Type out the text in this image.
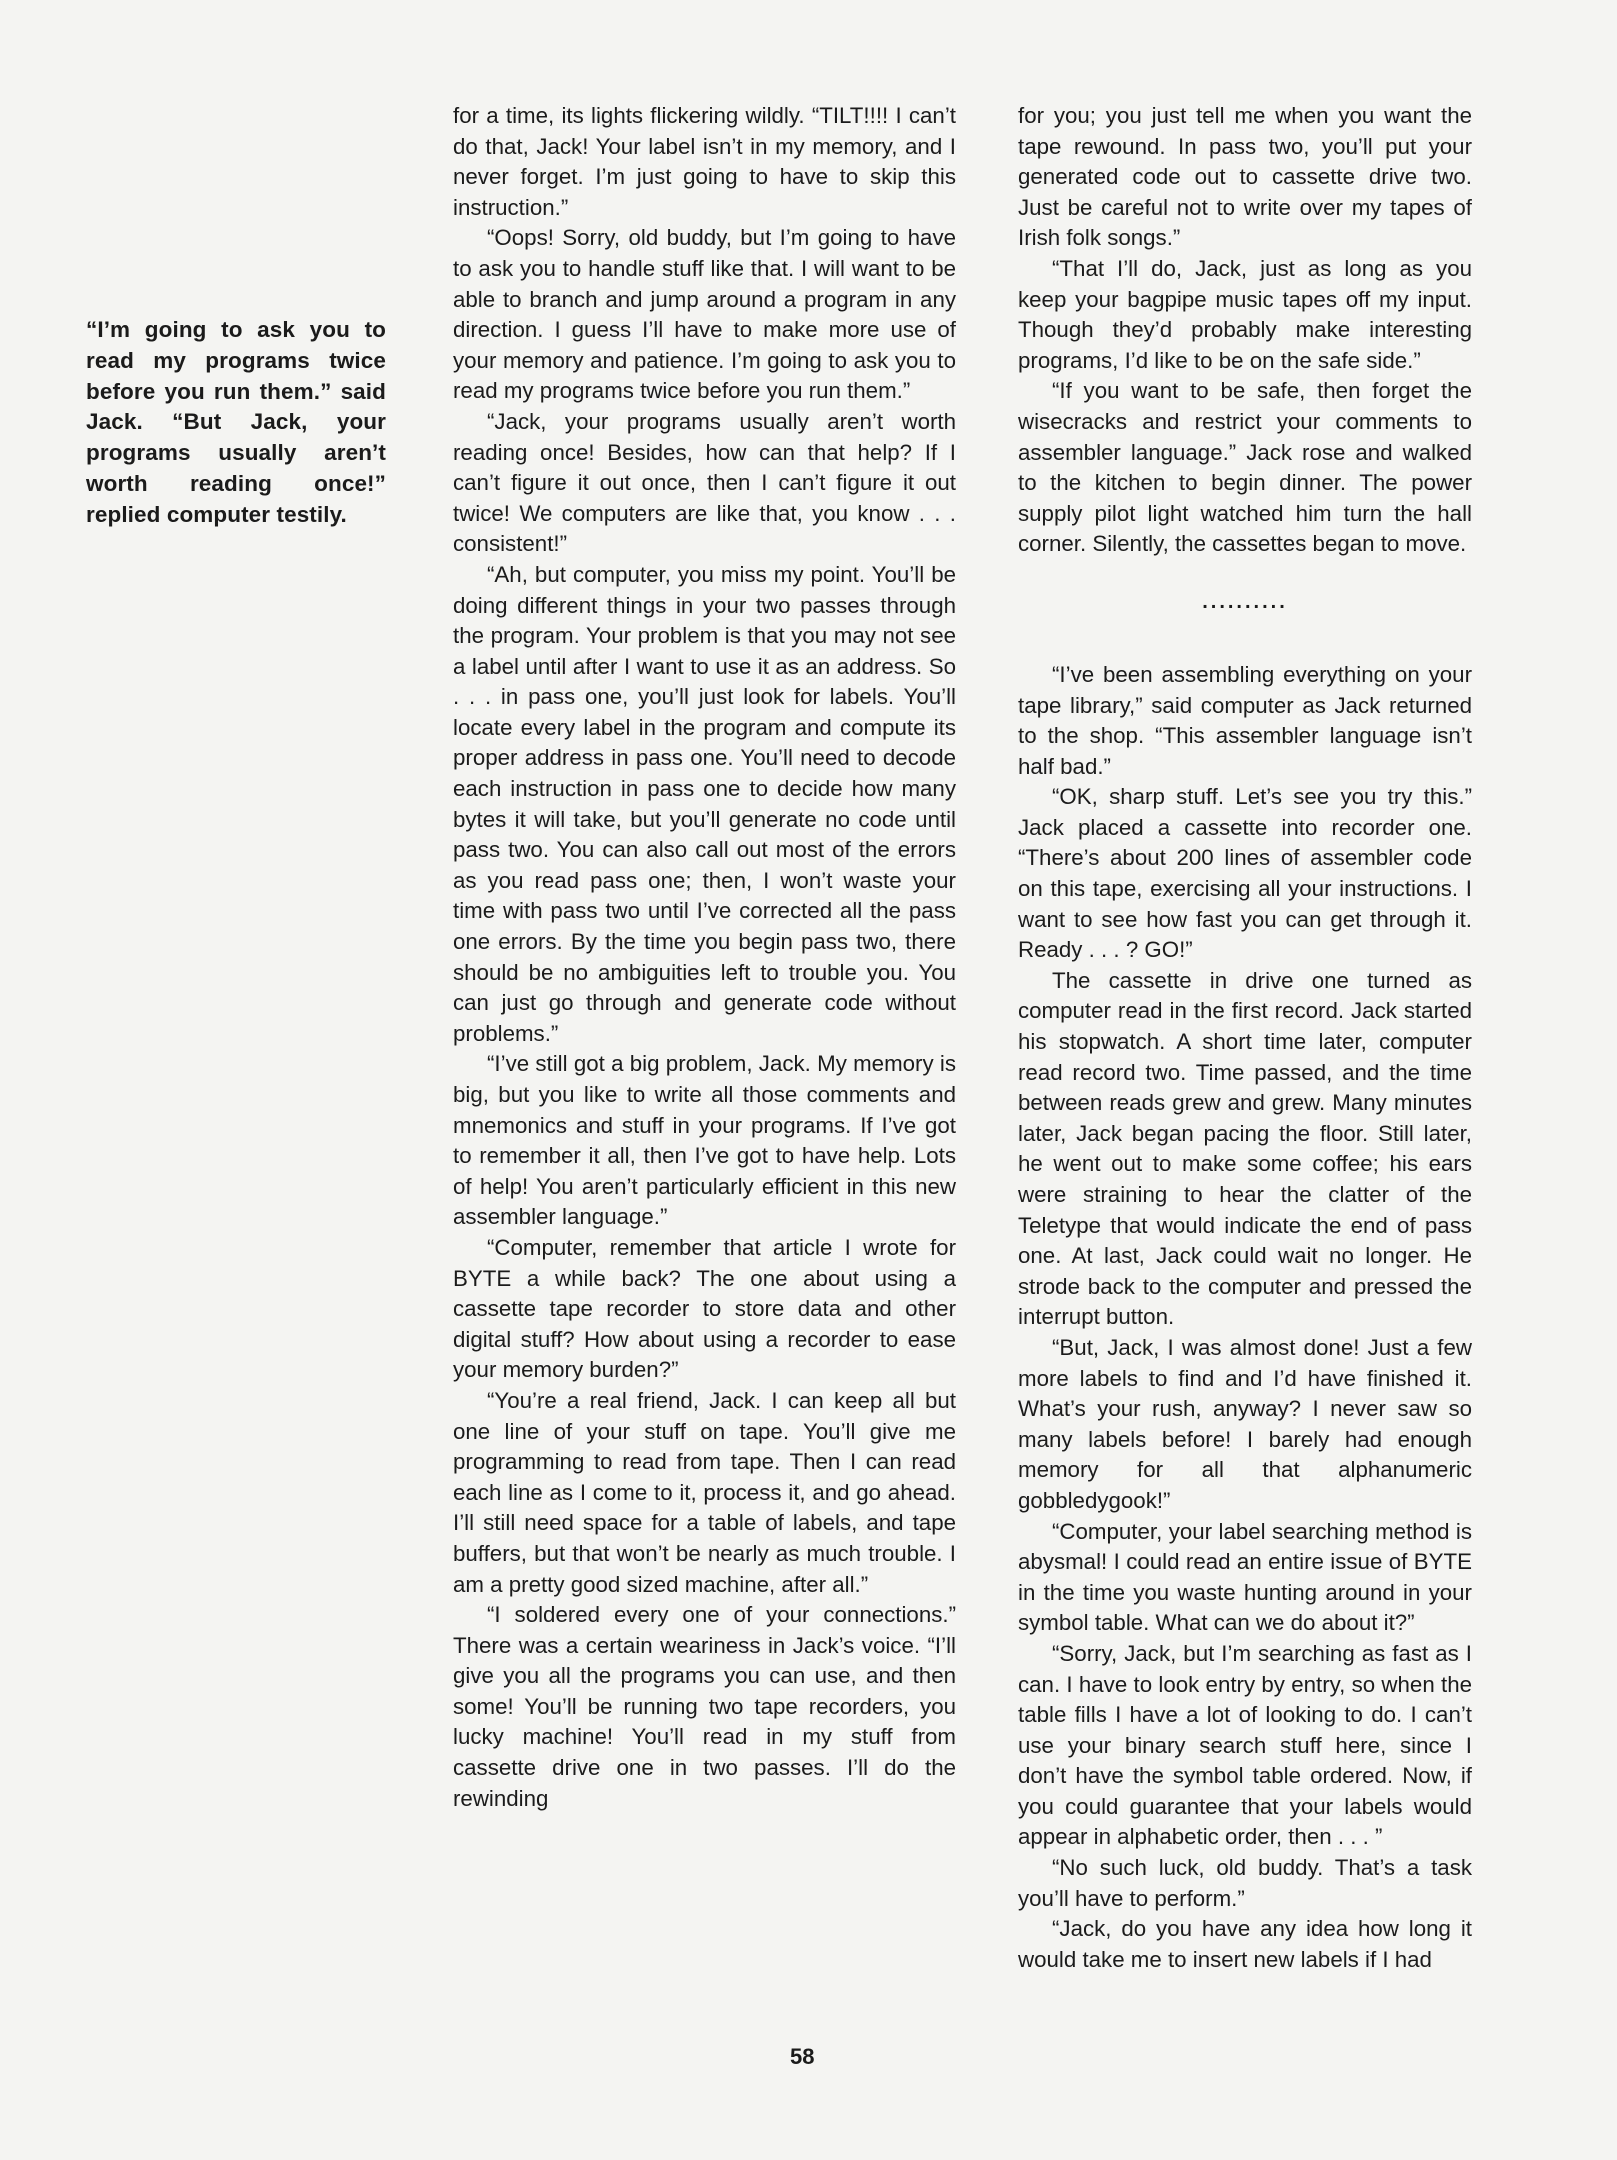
“I’m going to ask you to read my programs twice before you run them.” said Jack. “But Jack, your programs usually aren’t worth reading once!” replied computer testily.

for a time, its lights flickering wildly. “TILT!!!! I can’t do that, Jack! Your label isn’t in my memory, and I never forget. I’m just going to have to skip this instruction.”

“Oops! Sorry, old buddy, but I’m going to have to ask you to handle stuff like that. I will want to be able to branch and jump around a program in any direction. I guess I’ll have to make more use of your memory and patience. I’m going to ask you to read my programs twice before you run them.”

“Jack, your programs usually aren’t worth reading once! Besides, how can that help? If I can’t figure it out once, then I can’t figure it out twice! We computers are like that, you know . . . consistent!”

“Ah, but computer, you miss my point. You’ll be doing different things in your two passes through the program. Your problem is that you may not see a label until after I want to use it as an address. So . . . in pass one, you’ll just look for labels. You’ll locate every label in the program and compute its proper address in pass one. You’ll need to decode each instruction in pass one to decide how many bytes it will take, but you’ll generate no code until pass two. You can also call out most of the errors as you read pass one; then, I won’t waste your time with pass two until I’ve corrected all the pass one errors. By the time you begin pass two, there should be no ambiguities left to trouble you. You can just go through and generate code without problems.”

“I’ve still got a big problem, Jack. My memory is big, but you like to write all those comments and mnemonics and stuff in your programs. If I’ve got to remember it all, then I’ve got to have help. Lots of help! You aren’t particularly efficient in this new assembler language.”

“Computer, remember that article I wrote for BYTE a while back? The one about using a cassette tape recorder to store data and other digital stuff? How about using a recorder to ease your memory burden?”

“You’re a real friend, Jack. I can keep all but one line of your stuff on tape. You’ll give me programming to read from tape. Then I can read each line as I come to it, process it, and go ahead. I’ll still need space for a table of labels, and tape buffers, but that won’t be nearly as much trouble. I am a pretty good sized machine, after all.”

“I soldered every one of your connections.” There was a certain weariness in Jack’s voice. “I’ll give you all the programs you can use, and then some! You’ll be running two tape recorders, you lucky machine! You’ll read in my stuff from cassette drive one in two passes. I’ll do the rewinding

for you; you just tell me when you want the tape rewound. In pass two, you’ll put your generated code out to cassette drive two. Just be careful not to write over my tapes of Irish folk songs.”

“That I’ll do, Jack, just as long as you keep your bagpipe music tapes off my input. Though they’d probably make interesting programs, I’d like to be on the safe side.”

“If you want to be safe, then forget the wisecracks and restrict your comments to assembler language.” Jack rose and walked to the kitchen to begin dinner. The power supply pilot light watched him turn the hall corner. Silently, the cassettes began to move.

..........

“I’ve been assembling everything on your tape library,” said computer as Jack returned to the shop. “This assembler language isn’t half bad.”

“OK, sharp stuff. Let’s see you try this.” Jack placed a cassette into recorder one. “There’s about 200 lines of assembler code on this tape, exercising all your instructions. I want to see how fast you can get through it. Ready . . . ? GO!”

The cassette in drive one turned as computer read in the first record. Jack started his stopwatch. A short time later, computer read record two. Time passed, and the time between reads grew and grew. Many minutes later, Jack began pacing the floor. Still later, he went out to make some coffee; his ears were straining to hear the clatter of the Teletype that would indicate the end of pass one. At last, Jack could wait no longer. He strode back to the computer and pressed the interrupt button.

“But, Jack, I was almost done! Just a few more labels to find and I’d have finished it. What’s your rush, anyway? I never saw so many labels before! I barely had enough memory for all that alphanumeric gobbledygook!”

“Computer, your label searching method is abysmal! I could read an entire issue of BYTE in the time you waste hunting around in your symbol table. What can we do about it?”

“Sorry, Jack, but I’m searching as fast as I can. I have to look entry by entry, so when the table fills I have a lot of looking to do. I can’t use your binary search stuff here, since I don’t have the symbol table ordered. Now, if you could guarantee that your labels would appear in alphabetic order, then . . . ”

“No such luck, old buddy. That’s a task you’ll have to perform.”

“Jack, do you have any idea how long it would take me to insert new labels if I had

58
